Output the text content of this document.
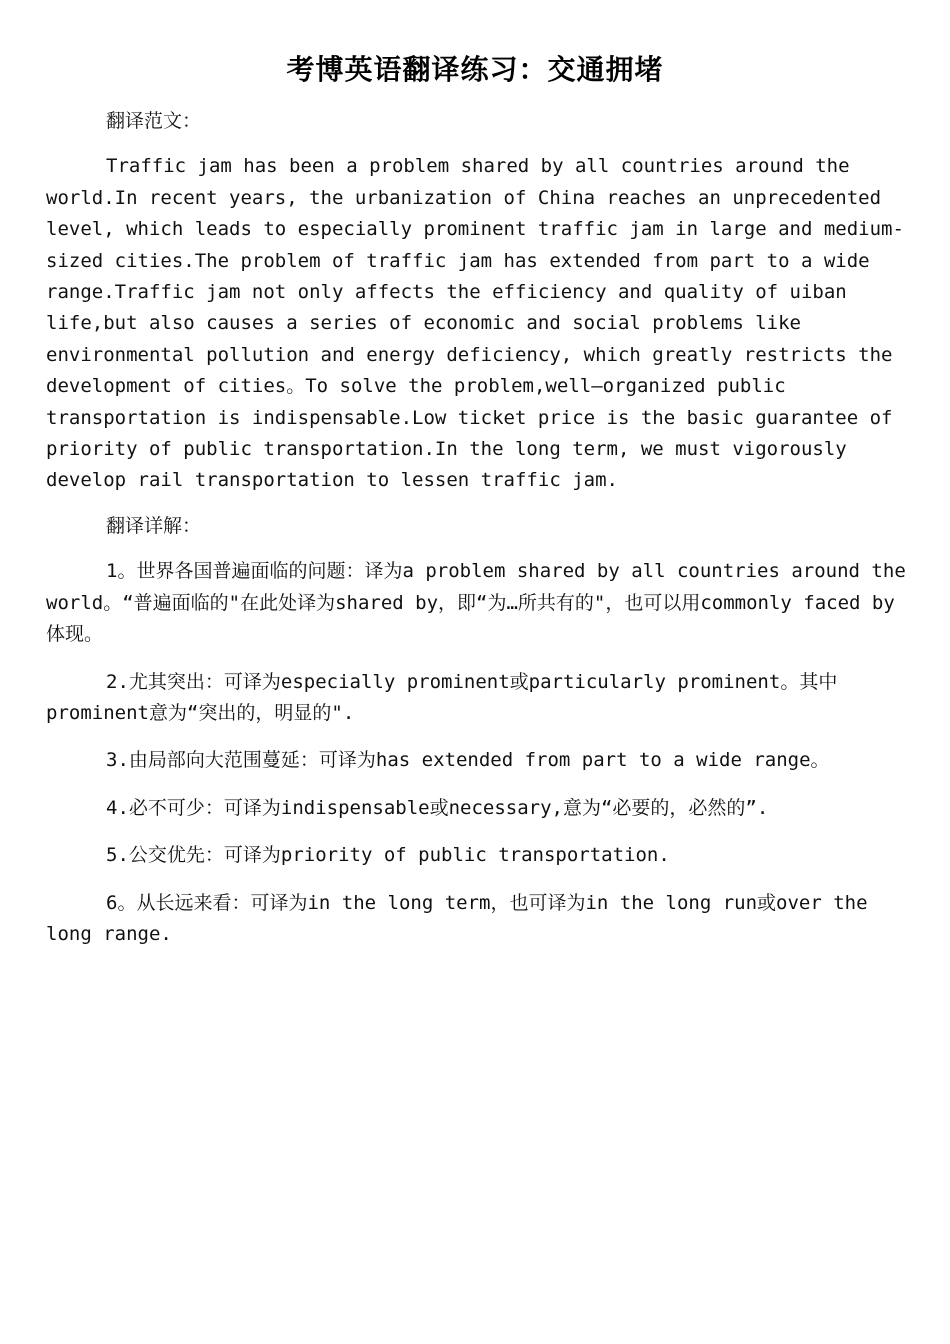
考博英语翻译练习：交通拥堵

翻译范文：

Traffic jam has been a problem shared by all countries around the world.In recent years, the urbanization of China reaches an unprecedented level, which leads to especially prominent traffic jam in large and medium-sized cities.The problem of traffic jam has extended from part to a wide range.Traffic jam not only affects the efficiency and quality of uiban life,but also causes a series of economic and social problems like environmental pollution and energy deficiency, which greatly restricts the development of cities。To solve the problem,well—organized public transportation is indispensable.Low ticket price is the basic guarantee of priority of public transportation.In the long term, we must vigorously develop rail transportation to lessen traffic jam.

翻译详解：

1。世界各国普遍面临的问题：译为a problem shared by all countries around the world。“普遍面临的"在此处译为shared by，即“为…所共有的"，也可以用commonly faced by体现。

2.尤其突出：可译为especially prominent或particularly prominent。其中prominent意为“突出的，明显的".

3.由局部向大范围蔓延：可译为has extended from part to a wide range。

4.必不可少：可译为indispensable或necessary,意为“必要的，必然的”.

5.公交优先：可译为priority of public transportation.

6。从长远来看：可译为in the long term，也可译为in the long run或over the long range.
